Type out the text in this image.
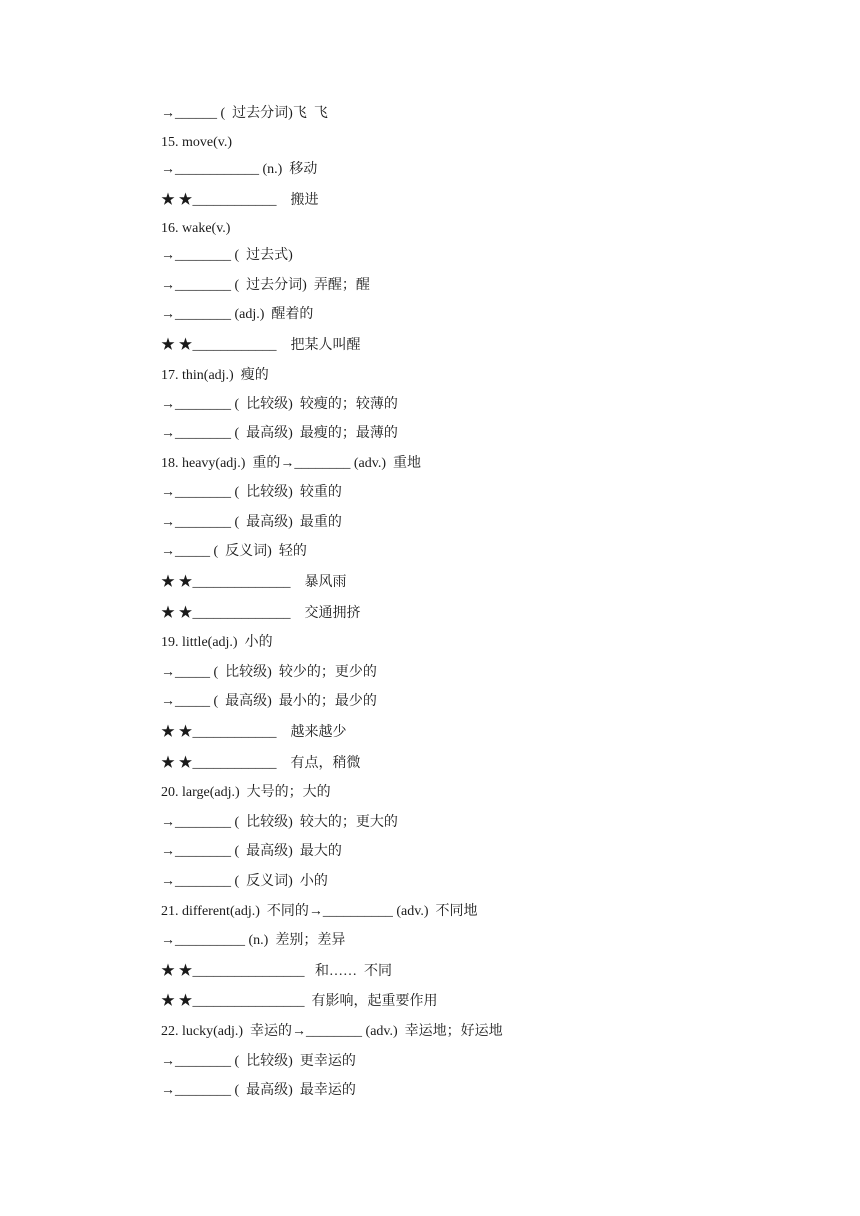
→______ (  过去分词)飞  飞
15. move(v.)
→____________ (n.)  移动
★ ★____________    搬进
16. wake(v.)
→________ (  过去式)
→________ (  过去分词)  弄醒；醒
→________ (adj.)  醒着的
★ ★____________    把某人叫醒
17. thin(adj.)  瘦的
→________ (  比较级)  较瘦的；较薄的
→________ (  最高级)  最瘦的；最薄的
18. heavy(adj.)  重的→________ (adv.)  重地
→________ (  比较级)  较重的
→________ (  最高级)  最重的
→_____ (  反义词)  轻的
★ ★______________    暴风雨
★ ★______________    交通拥挤
19. little(adj.)  小的
→_____ (  比较级)  较少的；更少的
→_____ (  最高级)  最小的；最少的
★ ★____________    越来越少
★ ★____________    有点，稍微
20. large(adj.)  大号的；大的
→________ (  比较级)  较大的；更大的
→________ (  最高级)  最大的
→________ (  反义词)  小的
21. different(adj.)  不同的→__________ (adv.)  不同地
→__________ (n.)  差别；差异
★ ★________________   和……  不同
★ ★________________  有影响，起重要作用
22. lucky(adj.)  幸运的→________ (adv.)  幸运地；好运地
→________ (  比较级)  更幸运的
→________ (  最高级)  最幸运的
